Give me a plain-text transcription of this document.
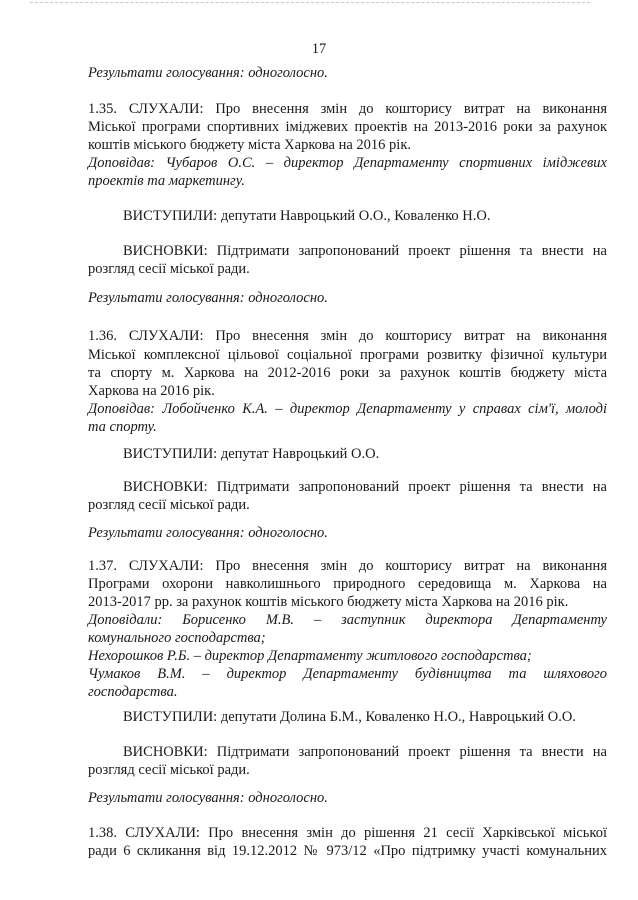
17
Результати голосування: одноголосно.
1.35. СЛУХАЛИ: Про внесення змін до кошторису витрат на виконання
Міської програми спортивних іміджевих проектів на 2013-2016 роки за рахунок
коштів міського бюджету міста Харкова на 2016 рік.
Доповідав: Чубаров О.С. – директор Департаменту спортивних іміджевих
проектів та маркетингу.
ВИСТУПИЛИ: депутати Навроцький О.О., Коваленко Н.О.
ВИСНОВКИ: Підтримати запропонований проект рішення та внести на
розгляд сесії міської ради.
Результати голосування: одноголосно.
1.36. СЛУХАЛИ: Про внесення змін до кошторису витрат на виконання
Міської комплексної цільової соціальної програми розвитку фізичної культури
та спорту м. Харкова на 2012-2016 роки за рахунок коштів бюджету міста
Харкова на 2016 рік.
Доповідав: Лобойченко К.А. – директор Департаменту у справах сім'ї, молоді
та спорту.
ВИСТУПИЛИ: депутат Навроцький О.О.
ВИСНОВКИ: Підтримати запропонований проект рішення та внести на
розгляд сесії міської ради.
Результати голосування: одноголосно.
1.37. СЛУХАЛИ: Про внесення змін до кошторису витрат на виконання
Програми охорони навколишнього природного середовища м. Харкова на
2013-2017 рр. за рахунок коштів міського бюджету міста Харкова на 2016 рік.
Доповідали: Борисенко М.В. – заступник директора Департаменту
комунального господарства;
Нехорошков Р.Б. – директор Департаменту житлового господарства;
Чумаков В.М. – директор Департаменту будівництва та шляхового
господарства.
ВИСТУПИЛИ: депутати Долина Б.М., Коваленко Н.О., Навроцький О.О.
ВИСНОВКИ: Підтримати запропонований проект рішення та внести на
розгляд сесії міської ради.
Результати голосування: одноголосно.
1.38. СЛУХАЛИ: Про внесення змін до рішення 21 сесії Харківської міської
ради 6 скликання від 19.12.2012 № 973/12 «Про підтримку участі комунальних
